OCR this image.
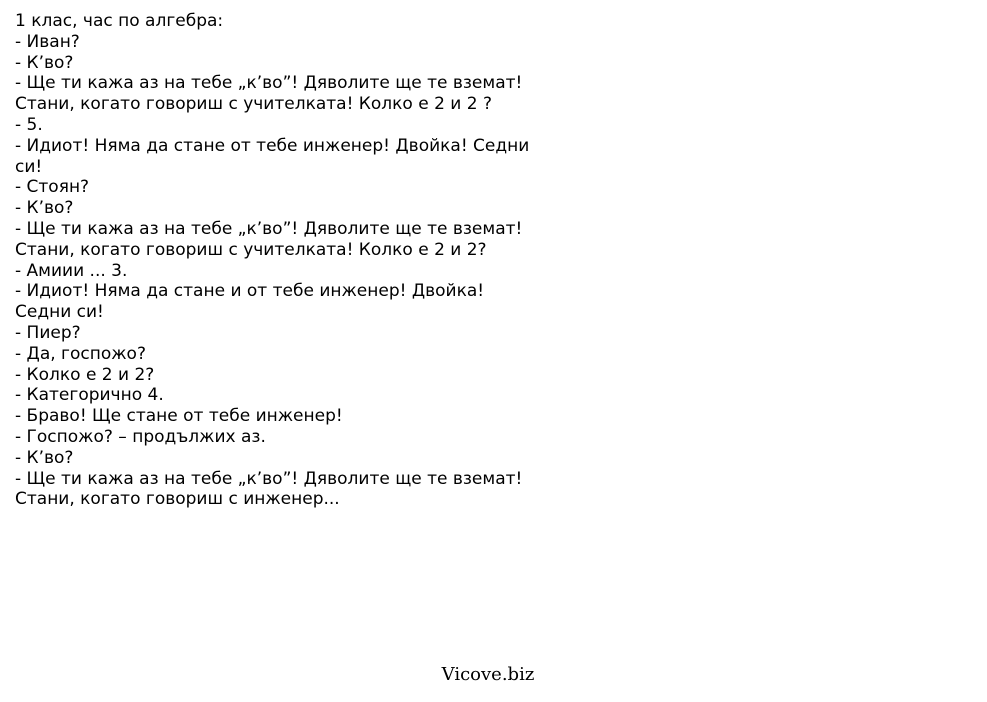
1 клас, час по алгебра:
- Иван?
- К’во?
- Ще ти кажа аз на тебе „к’во”! Дяволите ще те вземат!
Стани, когато говориш с учителката! Колко е 2 и 2 ?
- 5.
- Идиот! Няма да стане от тебе инженер! Двойка! Седни
си!
- Стоян?
- К’во?
- Ще ти кажа аз на тебе „к’во”! Дяволите ще те вземат!
Стани, когато говориш с учителката! Колко е 2 и 2?
- Амиии ... 3.
- Идиот! Няма да стане и от тебе инженер! Двойка!
Седни си!
- Пиер?
- Да, госпожо?
- Колко е 2 и 2?
- Категорично 4.
- Браво! Ще стане от тебе инженер!
- Госпожо? – продължих аз.
- К’во?
- Ще ти кажа аз на тебе „к’во”! Дяволите ще те вземат!
Стани, когато говориш с инженер...
Vicove.biz
